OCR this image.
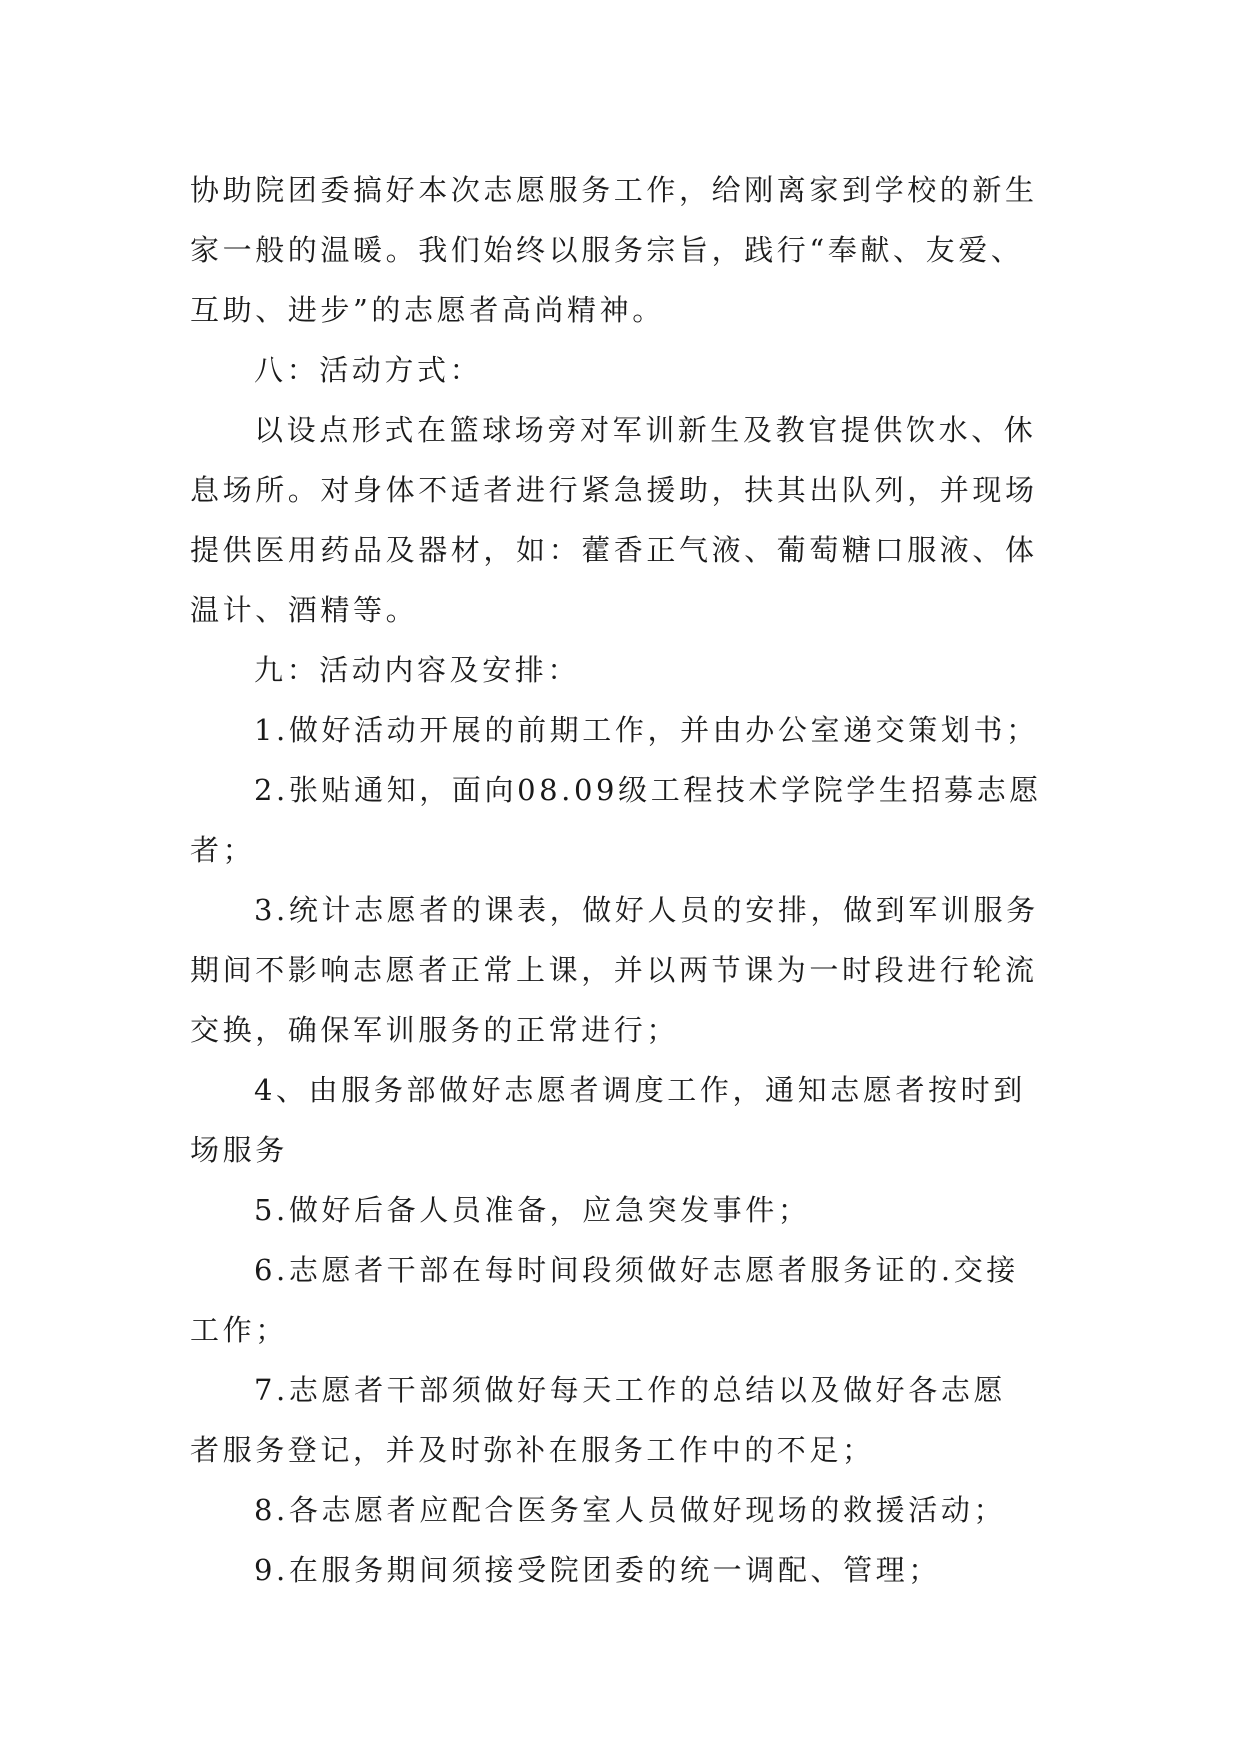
协助院团委搞好本次志愿服务工作，给刚离家到学校的新生
家一般的温暖。我们始终以服务宗旨，践行“奉献、友爱、
互助、进步”的志愿者高尚精神。
八：活动方式：
以设点形式在篮球场旁对军训新生及教官提供饮水、休
息场所。对身体不适者进行紧急援助，扶其出队列，并现场
提供医用药品及器材，如：藿香正气液、葡萄糖口服液、体
温计、酒精等。
九：活动内容及安排：
1.做好活动开展的前期工作，并由办公室递交策划书；
2.张贴通知，面向08.09级工程技术学院学生招募志愿
者；
3.统计志愿者的课表，做好人员的安排，做到军训服务
期间不影响志愿者正常上课，并以两节课为一时段进行轮流
交换，确保军训服务的正常进行；
4、由服务部做好志愿者调度工作，通知志愿者按时到
场服务
5.做好后备人员准备，应急突发事件；
6.志愿者干部在每时间段须做好志愿者服务证的.交接
工作；
7.志愿者干部须做好每天工作的总结以及做好各志愿
者服务登记，并及时弥补在服务工作中的不足；
8.各志愿者应配合医务室人员做好现场的救援活动；
9.在服务期间须接受院团委的统一调配、管理；
